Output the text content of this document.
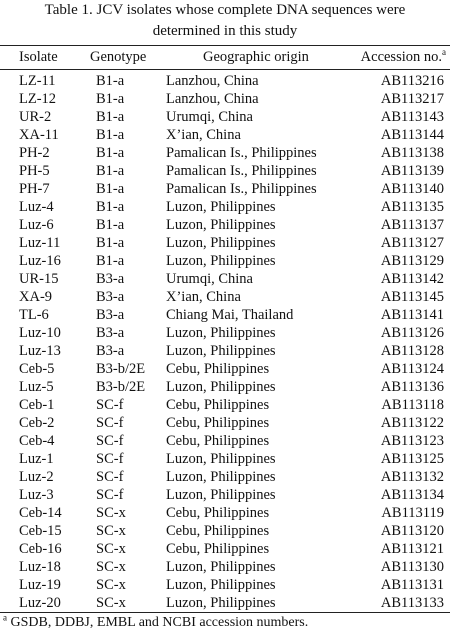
Table 1. JCV isolates whose complete DNA sequences were
determined in this study
Isolate Genotype	Geographic origin	Accession no.$^a$
LZ-11	B1-a	Lanzhou, China	AB113216
LZ-12	B1-a	Lanzhou, China	AB113217
UR-2	B1-a	Urumqi, China	AB113143
XA-11	B1-a	X’ian, China	AB113144
PH-2	B1-a	Pamalican Is., Philippines	AB113138
PH-5	B1-a	Pamalican Is., Philippines	AB113139
PH-7	B1-a	Pamalican Is., Philippines	AB113140
Luz-4	B1-a	Luzon, Philippines	AB113135
Luz-6	B1-a	Luzon, Philippines	AB113137
Luz-11 B1-a	Luzon, Philippines	AB113127
Luz-16 B1-a	Luzon, Philippines	AB113129
UR-15	B3-a	Urumqi, China	AB113142
XA-9	B3-a	X’ian, China	AB113145
TL-6	B3-a	Chiang Mai, Thailand	AB113141
Luz-10 B3-a	Luzon, Philippines	AB113126
Luz-13 B3-a	Luzon, Philippines	AB113128
Ceb-5	B3-b/2E Cebu, Philippines	AB113124
Luz-5	B3-b/2E Luzon, Philippines	AB113136
Ceb-1	SC-f	Cebu, Philippines	AB113118
Ceb-2	SC-f	Cebu, Philippines	AB113122
Ceb-4	SC-f	Cebu, Philippines	AB113123
Luz-1	SC-f	Luzon, Philippines	AB113125
Luz-2	SC-f	Luzon, Philippines	AB113132
Luz-3	SC-f	Luzon, Philippines	AB113134
Ceb-14 SC-x	Cebu, Philippines	AB113119
Ceb-15 SC-x	Cebu, Philippines	AB113120
Ceb-16 SC-x	Cebu, Philippines	AB113121
Luz-18 SC-x	Luzon, Philippines	AB113130
Luz-19 SC-x	Luzon, Philippines	AB113131
Luz-20 SC-x	Luzon, Philippines	AB113133
$^a$ GSDB, DDBJ, EMBL and NCBI accession numbers.
